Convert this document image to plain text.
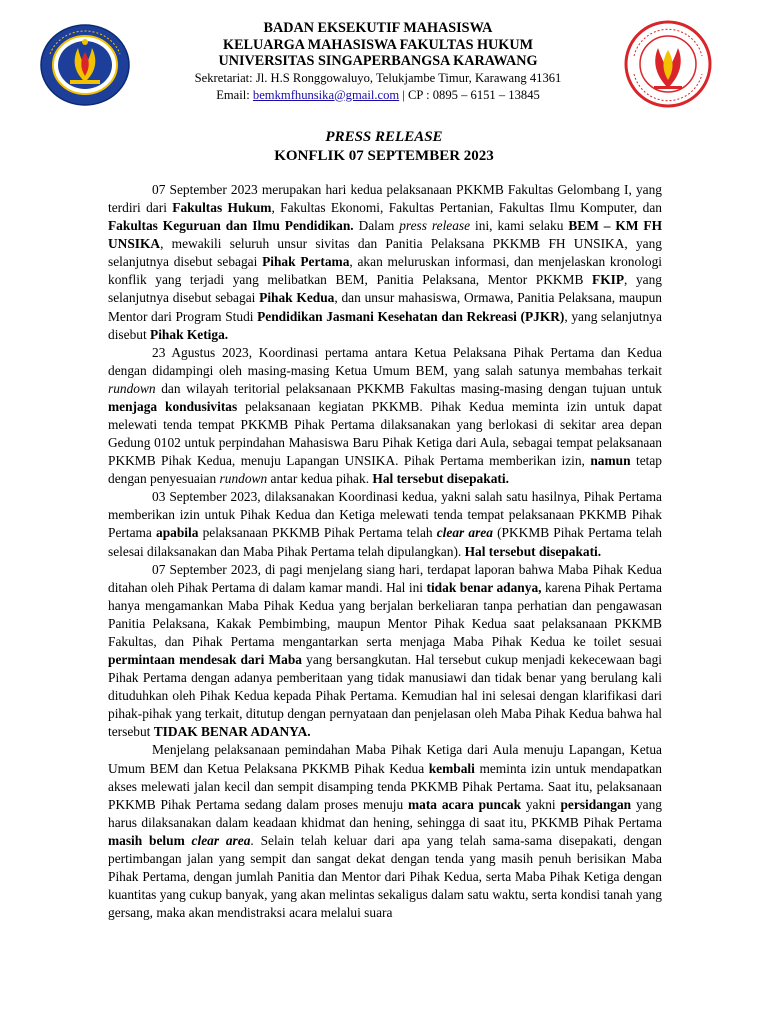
BADAN EKSEKUTIF MAHASISWA
KELUARGA MAHASISWA FAKULTAS HUKUM
UNIVERSITAS SINGAPERBANGSA KARAWANG
Sekretariat: Jl. H.S Ronggowaluyo, Telukjambe Timur, Karawang 41361
Email: bemkmfhunsika@gmail.com | CP : 0895 – 6151 – 13845
PRESS RELEASE
KONFLIK 07 SEPTEMBER 2023

07 September 2023 merupakan hari kedua pelaksanaan PKKMB Fakultas Gelombang I, yang terdiri dari Fakultas Hukum, Fakultas Ekonomi, Fakultas Pertanian, Fakultas Ilmu Komputer, dan Fakultas Keguruan dan Ilmu Pendidikan. Dalam press release ini, kami selaku BEM – KM FH UNSIKA, mewakili seluruh unsur sivitas dan Panitia Pelaksana PKKMB FH UNSIKA, yang selanjutnya disebut sebagai Pihak Pertama, akan meluruskan informasi, dan menjelaskan kronologi konflik yang terjadi yang melibatkan BEM, Panitia Pelaksana, Mentor PKKMB FKIP, yang selanjutnya disebut sebagai Pihak Kedua, dan unsur mahasiswa, Ormawa, Panitia Pelaksana, maupun Mentor dari Program Studi Pendidikan Jasmani Kesehatan dan Rekreasi (PJKR), yang selanjutnya disebut Pihak Ketiga.

23 Agustus 2023, Koordinasi pertama antara Ketua Pelaksana Pihak Pertama dan Kedua dengan didampingi oleh masing-masing Ketua Umum BEM, yang salah satunya membahas terkait rundown dan wilayah teritorial pelaksanaan PKKMB Fakultas masing-masing dengan tujuan untuk menjaga kondusivitas pelaksanaan kegiatan PKKMB. Pihak Kedua meminta izin untuk dapat melewati tenda tempat PKKMB Pihak Pertama dilaksanakan yang berlokasi di sekitar area depan Gedung 0102 untuk perpindahan Mahasiswa Baru Pihak Ketiga dari Aula, sebagai tempat pelaksanaan PKKMB Pihak Kedua, menuju Lapangan UNSIKA. Pihak Pertama memberikan izin, namun tetap dengan penyesuaian rundown antar kedua pihak. Hal tersebut disepakati.

03 September 2023, dilaksanakan Koordinasi kedua, yakni salah satu hasilnya, Pihak Pertama memberikan izin untuk Pihak Kedua dan Ketiga melewati tenda tempat pelaksanaan PKKMB Pihak Pertama apabila pelaksanaan PKKMB Pihak Pertama telah clear area (PKKMB Pihak Pertama telah selesai dilaksanakan dan Maba Pihak Pertama telah dipulangkan). Hal tersebut disepakati.

07 September 2023, di pagi menjelang siang hari, terdapat laporan bahwa Maba Pihak Kedua ditahan oleh Pihak Pertama di dalam kamar mandi. Hal ini tidak benar adanya, karena Pihak Pertama hanya mengamankan Maba Pihak Kedua yang berjalan berkeliaran tanpa perhatian dan pengawasan Panitia Pelaksana, Kakak Pembimbing, maupun Mentor Pihak Kedua saat pelaksanaan PKKMB Fakultas, dan Pihak Pertama mengantarkan serta menjaga Maba Pihak Kedua ke toilet sesuai permintaan mendesak dari Maba yang bersangkutan. Hal tersebut cukup menjadi kekecewaan bagi Pihak Pertama dengan adanya pemberitaan yang tidak manusiawi dan tidak benar yang berulang kali dituduhkan oleh Pihak Kedua kepada Pihak Pertama. Kemudian hal ini selesai dengan klarifikasi dari pihak-pihak yang terkait, ditutup dengan pernyataan dan penjelasan oleh Maba Pihak Kedua bahwa hal tersebut TIDAK BENAR ADANYA.

Menjelang pelaksanaan pemindahan Maba Pihak Ketiga dari Aula menuju Lapangan, Ketua Umum BEM dan Ketua Pelaksana PKKMB Pihak Kedua kembali meminta izin untuk mendapatkan akses melewati jalan kecil dan sempit disamping tenda PKKMB Pihak Pertama. Saat itu, pelaksanaan PKKMB Pihak Pertama sedang dalam proses menuju mata acara puncak yakni persidangan yang harus dilaksanakan dalam keadaan khidmat dan hening, sehingga di saat itu, PKKMB Pihak Pertama masih belum clear area. Selain telah keluar dari apa yang telah sama-sama disepakati, dengan pertimbangan jalan yang sempit dan sangat dekat dengan tenda yang masih penuh berisikan Maba Pihak Pertama, dengan jumlah Panitia dan Mentor dari Pihak Kedua, serta Maba Pihak Ketiga dengan kuantitas yang cukup banyak, yang akan melintas sekaligus dalam satu waktu, serta kondisi tanah yang gersang, maka akan mendistraksi acara melalui suara
